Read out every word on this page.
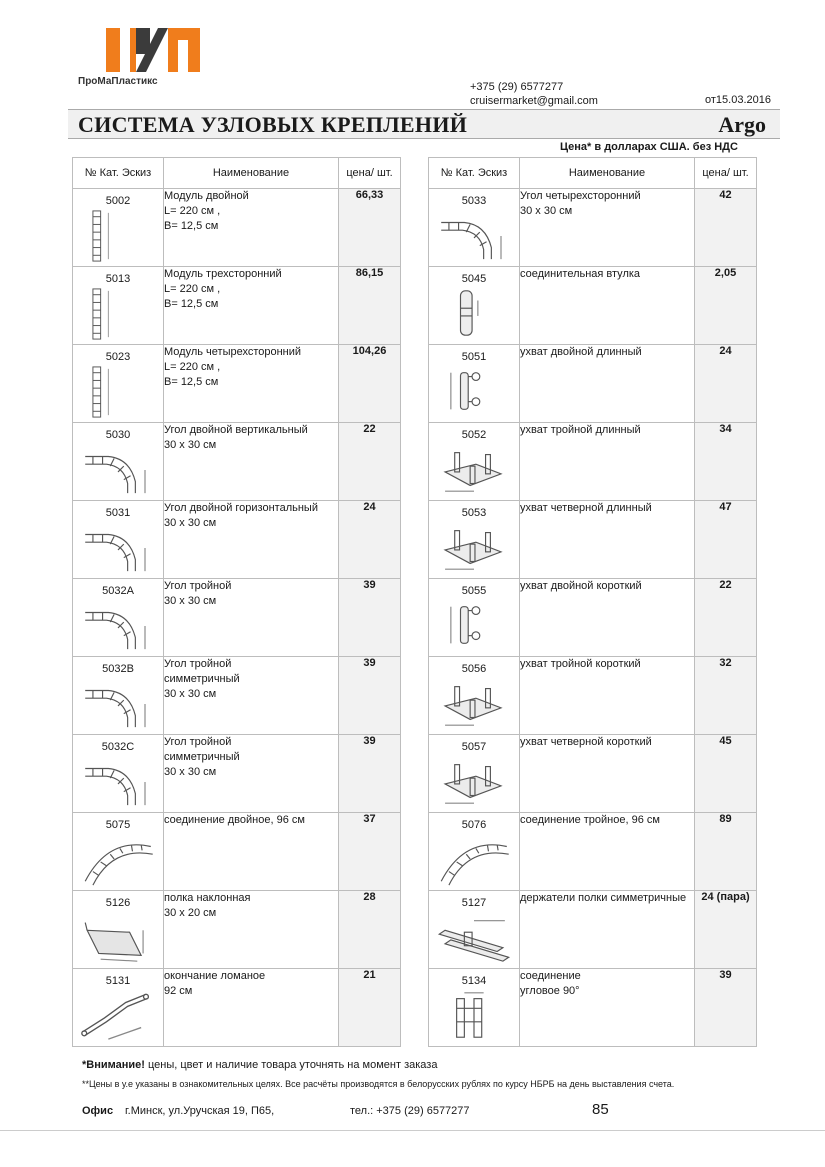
ПроМаПластикс	+375 (29) 6577277
cruisermarket@gmail.com	от15.03.2016
СИСТЕМА УЗЛОВЫХ КРЕПЛЕНИЙ	Argo
Цена* в долларах США. без НДС
№ Кат. Эскиз	Наименование	цена/ шт.

5002	Модуль двойной
L= 220 см ,
B= 12,5 см	66,33

5013	Модуль трехсторонний
L= 220 см ,
B= 12,5 см	86,15

5023	Модуль четырехсторонний
L= 220 см ,
B= 12,5 см	104,26

5030	Угол двойной вертикальный
30 х 30 см	22

5031	Угол двойной горизонтальный
30 х 30 см	24

5032A	Угол тройной
30 х 30 см	39

5032B	Угол тройной
симметричный
30 х 30 см	39

5032C	Угол тройной
симметричный
30 х 30 см	39

5075	соединение двойное, 96 см	37

5126	полка наклонная
30 х 20 см	28

5131	окончание ломаное
92 см	21
№ Кат. Эскиз	Наименование	цена/ шт.

5033	Угол четырехсторонний
30 х 30 см	42

5045	соединительная втулка	2,05

5051	ухват двойной длинный	24

5052	ухват тройной длинный	34

5053	ухват четверной длинный	47

5055	ухват двойной короткий	22

5056	ухват тройной короткий	32

5057	ухват четверной короткий	45

5076	соединение тройное, 96 см	89

5127	держатели полки симметричные	24 (пара)

5134	соединение
угловое 90°	39
*Внимание! цены, цвет и наличие товара уточнять на момент заказа
**Цены в у.е указаны в ознакомительных целях. Все расчёты производятся в белорусских рублях по курсу НБРБ на день выставления счета.
Офис г.Минск, ул.Уручская 19, П65,	тел.: +375 (29) 6577277	85
